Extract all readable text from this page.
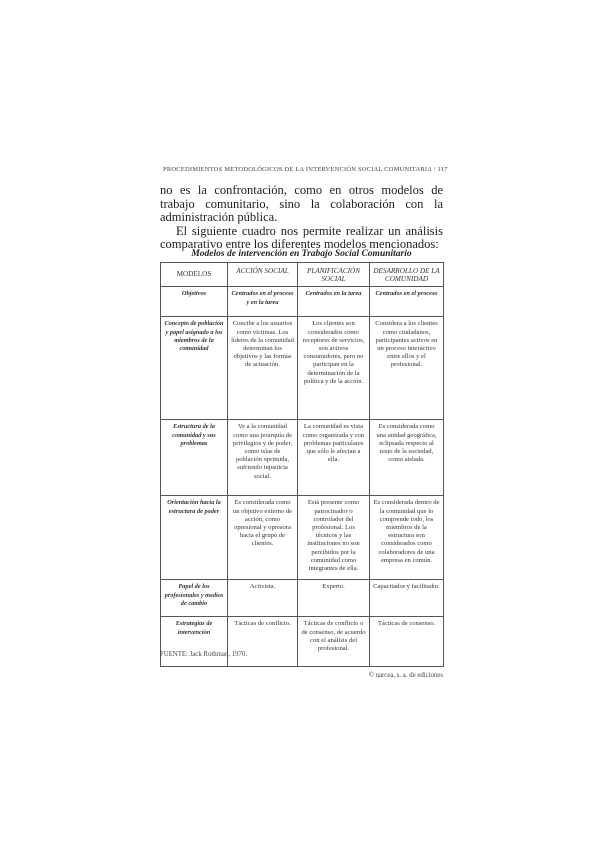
PROCEDIMIENTOS METODOLÓGICOS DE LA INTERVENCIÓN SOCIAL COMUNITARIA / 117

no es la confrontación, como en otros modelos de trabajo comunitario, sino la colaboración con la administración pública.

El siguiente cuadro nos permite realizar un análisis comparativo entre los diferentes modelos mencionados:

Modelos de intervención en Trabajo Social Comunitario
MODELOS	ACCIÓN SOCIAL	PLANIFICACIÓN SOCIAL	DESARROLLO DE LA COMUNIDAD
Objetivos	Centrados en el proceso y en la tarea	Centrados en la tarea	Centrados en el proceso
Concepto de población y papel asignado a los miembros de la comunidad	Concibe a los usuarios como víctimas. Los líderes de la comunidad determinan los objetivos y las formas de actuación.	Los clientes son considerados como receptores de servicios, son activos consumidores, pero no participan en la determinación de la política y de la acción.	Considera a los clientes como ciudadanos, participantes activos en un proceso interactivo entre ellos y el profesional.
Estructura de la comunidad y sus problemas	Ve a la comunidad como una jerarquía de privilegios y de poder, como islas de población oprimida, sufriendo injusticia social.	La comunidad es vista como organizada y con problemas particulares que sólo le afectan a ella.	Es considerada como una unidad geográfica, eclipsada respecto al resto de la sociedad, como aislada.
Orientación hacia la estructura de poder	Es considerada como un objetivo externo de acción, como opresional y opresora hacia el grupo de clientes.	Está presente como patrocinador o controlador del profesional. Los técnicos y las instituciones no son percibidos por la comunidad como integrantes de ella.	Es considerada dentro de la comunidad que lo comprende todo, los miembros de la estructura son considerados como colaboradores de una empresa en común.
Papel de los profesionales y medios de cambio	Activista.	Experto.	Capacitador y facilitador.
Estrategias de intervención	Tácticas de conflicto.	Tácticas de conflicto o de consenso, de acuerdo con el análisis del profesional.	Tácticas de consenso.
FUENTE: Jack Rothman, 1970.
© narcea, s. a. de ediciones
